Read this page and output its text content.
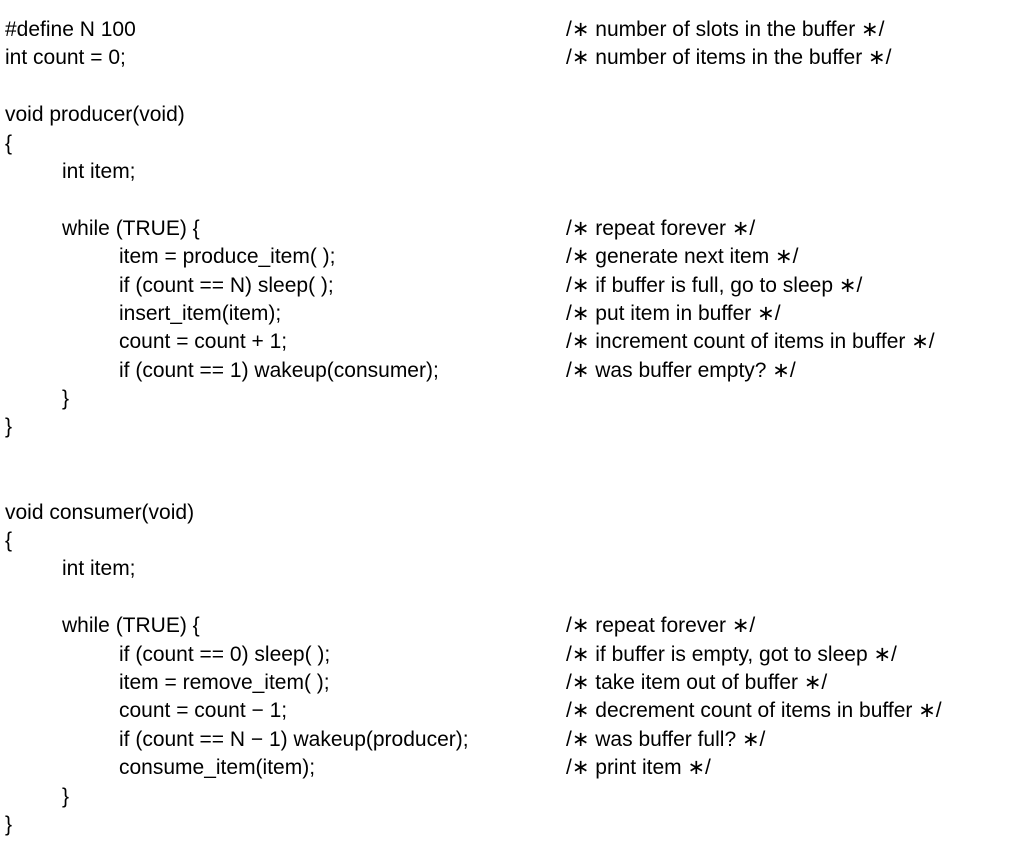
#define N 100	/∗ number of slots in the buffer ∗/
int count = 0;	/∗ number of items in the buffer ∗/
void producer(void)
{
int item;
while (TRUE) {	/∗ repeat forever ∗/
item = produce_item( );	/∗ generate next item ∗/
if (count == N) sleep( );	/∗ if buffer is full, go to sleep ∗/
insert_item(item);	/∗ put item in buffer ∗/
count = count + 1;	/∗ increment count of items in buffer ∗/
if (count == 1) wakeup(consumer);	/∗ was buffer empty? ∗/
}
}
void consumer(void)
{
int item;
while (TRUE) {	/∗ repeat forever ∗/
if (count == 0) sleep( );	/∗ if buffer is empty, got to sleep ∗/
item = remove_item( );	/∗ take item out of buffer ∗/
count = count − 1;	/∗ decrement count of items in buffer ∗/
if (count == N − 1) wakeup(producer);	/∗ was buffer full? ∗/
consume_item(item);	/∗ print item ∗/
}
}
